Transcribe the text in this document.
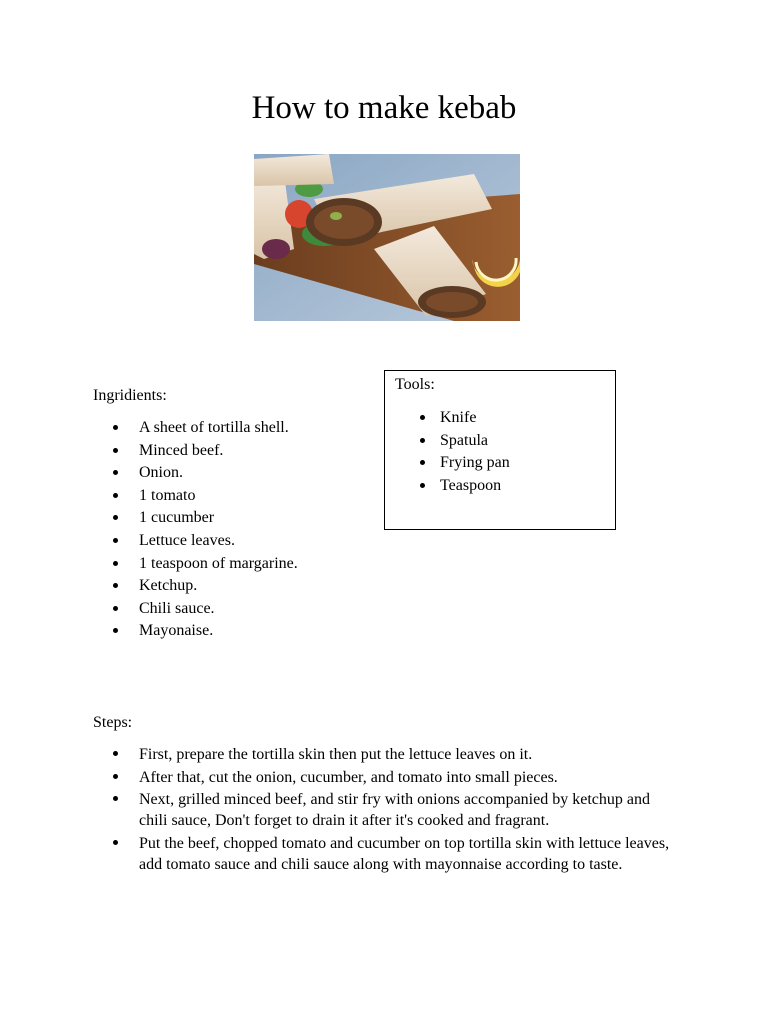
How to make kebab

Ingridients:

A sheet of tortilla shell.
Minced beef.
Onion.
1 tomato
1 cucumber
Lettuce leaves.
1 teaspoon of margarine.
Ketchup.
Chili sauce.
Mayonaise.

Tools:

Knife
Spatula
Frying pan
Teaspoon

Steps:

First, prepare the tortilla skin then put the lettuce leaves on it.
After that, cut the onion, cucumber, and tomato into small pieces.
Next, grilled minced beef, and stir fry with onions accompanied by ketchup and chili sauce, Don't forget to drain it after it's cooked and fragrant.
Put the beef, chopped tomato and cucumber on top tortilla skin with lettuce leaves, add tomato sauce and chili sauce along with mayonnaise according to taste.
